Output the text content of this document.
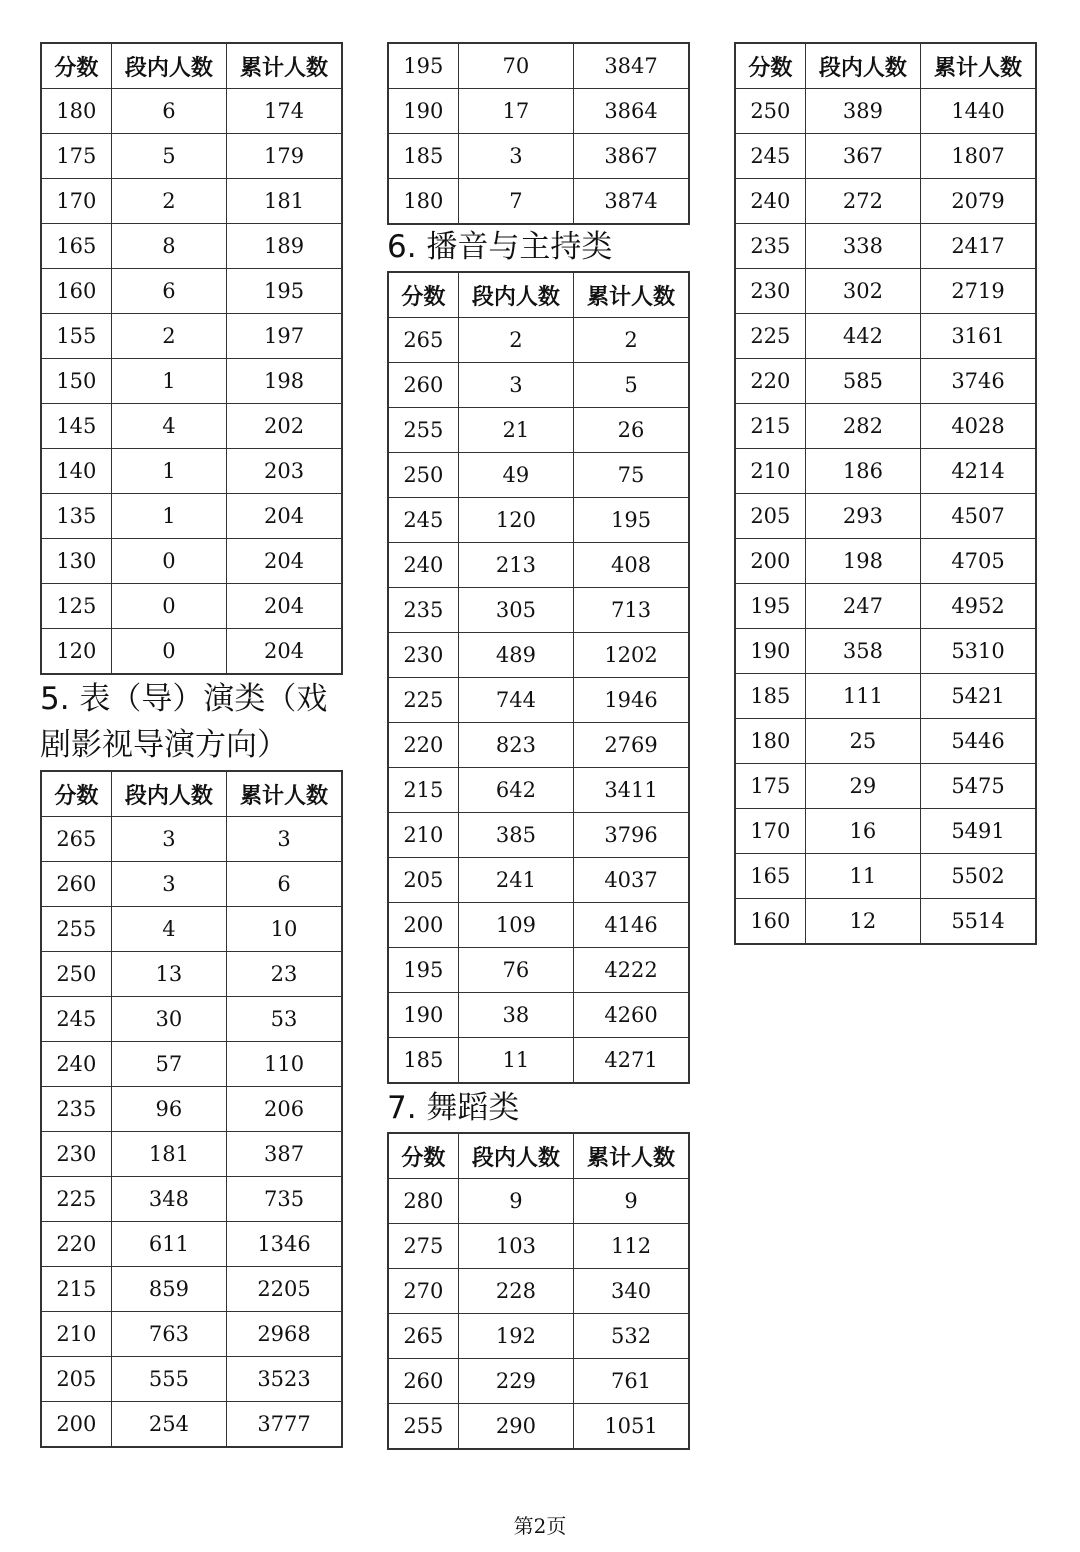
分数	段内人数	累计人数
180	6	174
175	5	179
170	2	181
165	8	189
160	6	195
155	2	197
150	1	198
145	4	202
140	1	203
135	1	204
130	0	204
125	0	204
120	0	204
5. 表（导）演类（戏
剧影视导演方向）
分数	段内人数	累计人数
265	3	3
260	3	6
255	4	10
250	13	23
245	30	53
240	57	110
235	96	206
230	181	387
225	348	735
220	611	1346
215	859	2205
210	763	2968
205	555	3523
200	254	3777
195	70	3847
190	17	3864
185	3	3867
180	7	3874
6. 播音与主持类
分数	段内人数	累计人数
265	2	2
260	3	5
255	21	26
250	49	75
245	120	195
240	213	408
235	305	713
230	489	1202
225	744	1946
220	823	2769
215	642	3411
210	385	3796
205	241	4037
200	109	4146
195	76	4222
190	38	4260
185	11	4271
7. 舞蹈类
分数	段内人数	累计人数
280	9	9
275	103	112
270	228	340
265	192	532
260	229	761
255	290	1051
分数	段内人数	累计人数
250	389	1440
245	367	1807
240	272	2079
235	338	2417
230	302	2719
225	442	3161
220	585	3746
215	282	4028
210	186	4214
205	293	4507
200	198	4705
195	247	4952
190	358	5310
185	111	5421
180	25	5446
175	29	5475
170	16	5491
165	11	5502
160	12	5514
第2页
